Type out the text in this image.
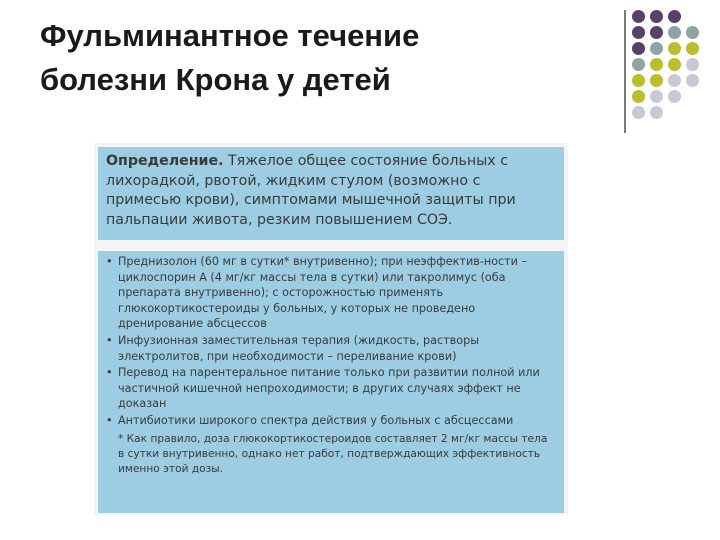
Фульминантное течение
болезни Крона у детей
Определение. Тяжелое общее состояние больных с лихорадкой, рвотой, жидким стулом (возможно с примесью крови), симптомами мышечной защиты при пальпации живота, резким повышением СОЭ.
• Преднизолон (60 мг в сутки* внутривенно); при неэффектив-ности – циклоспорин А (4 мг/кг массы тела в сутки) или такролимус (оба препарата внутривенно); с осторожностью применять глюкокортикостероиды у больных, у которых не проведено дренирование абсцессов
• Инфузионная заместительная терапия (жидкость, растворы электролитов, при необходимости – переливание крови)
• Перевод на парентеральное питание только при развитии полной или частичной кишечной непроходимости; в других случаях эффект не доказан
• Антибиотики широкого спектра действия у больных с абсцессами
* Как правило, доза глюкокортикостероидов составляет 2 мг/кг массы тела в сутки внутривенно, однако нет работ, подтверждающих эффективность именно этой дозы.
